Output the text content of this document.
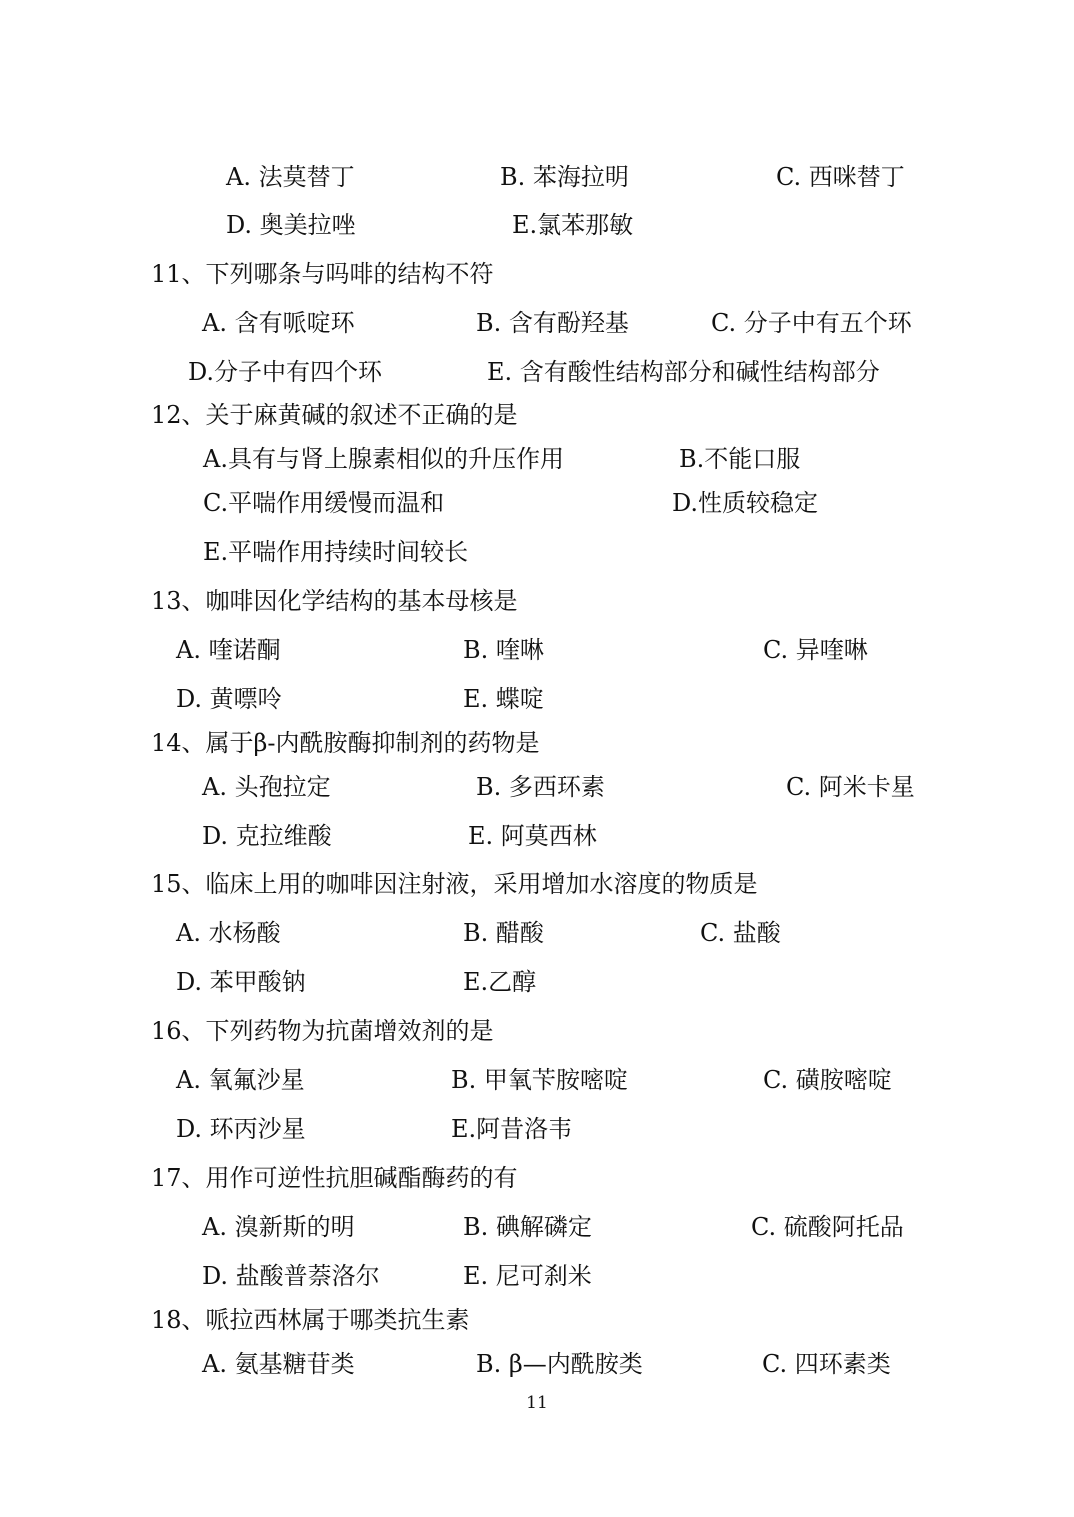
A. 法莫替丁	B. 苯海拉明	C. 西咪替丁
D. 奥美拉唑	E.氯苯那敏
11、下列哪条与吗啡的结构不符
A. 含有哌啶环	B. 含有酚羟基	C. 分子中有五个环
D.分子中有四个环	E. 含有酸性结构部分和碱性结构部分
12、关于麻黄碱的叙述不正确的是
A.具有与肾上腺素相似的升压作用	B.不能口服
C.平喘作用缓慢而温和	D.性质较稳定
E.平喘作用持续时间较长
13、咖啡因化学结构的基本母核是
A. 喹诺酮	B. 喹啉	C. 异喹啉
D. 黄嘌呤	E. 蝶啶
14、属于β-内酰胺酶抑制剂的药物是
A. 头孢拉定	B. 多西环素	C. 阿米卡星
D. 克拉维酸	E. 阿莫西林
15、临床上用的咖啡因注射液，采用增加水溶度的物质是
A. 水杨酸	B. 醋酸	C. 盐酸
D. 苯甲酸钠	E.乙醇
16、下列药物为抗菌增效剂的是
A. 氧氟沙星	B. 甲氧苄胺嘧啶	C. 磺胺嘧啶
D. 环丙沙星	E.阿昔洛韦
17、用作可逆性抗胆碱酯酶药的有
A. 溴新斯的明	B. 碘解磷定	C. 硫酸阿托品
D. 盐酸普萘洛尔	E. 尼可刹米
18、哌拉西林属于哪类抗生素
A. 氨基糖苷类	B. β—内酰胺类	C. 四环素类
11
